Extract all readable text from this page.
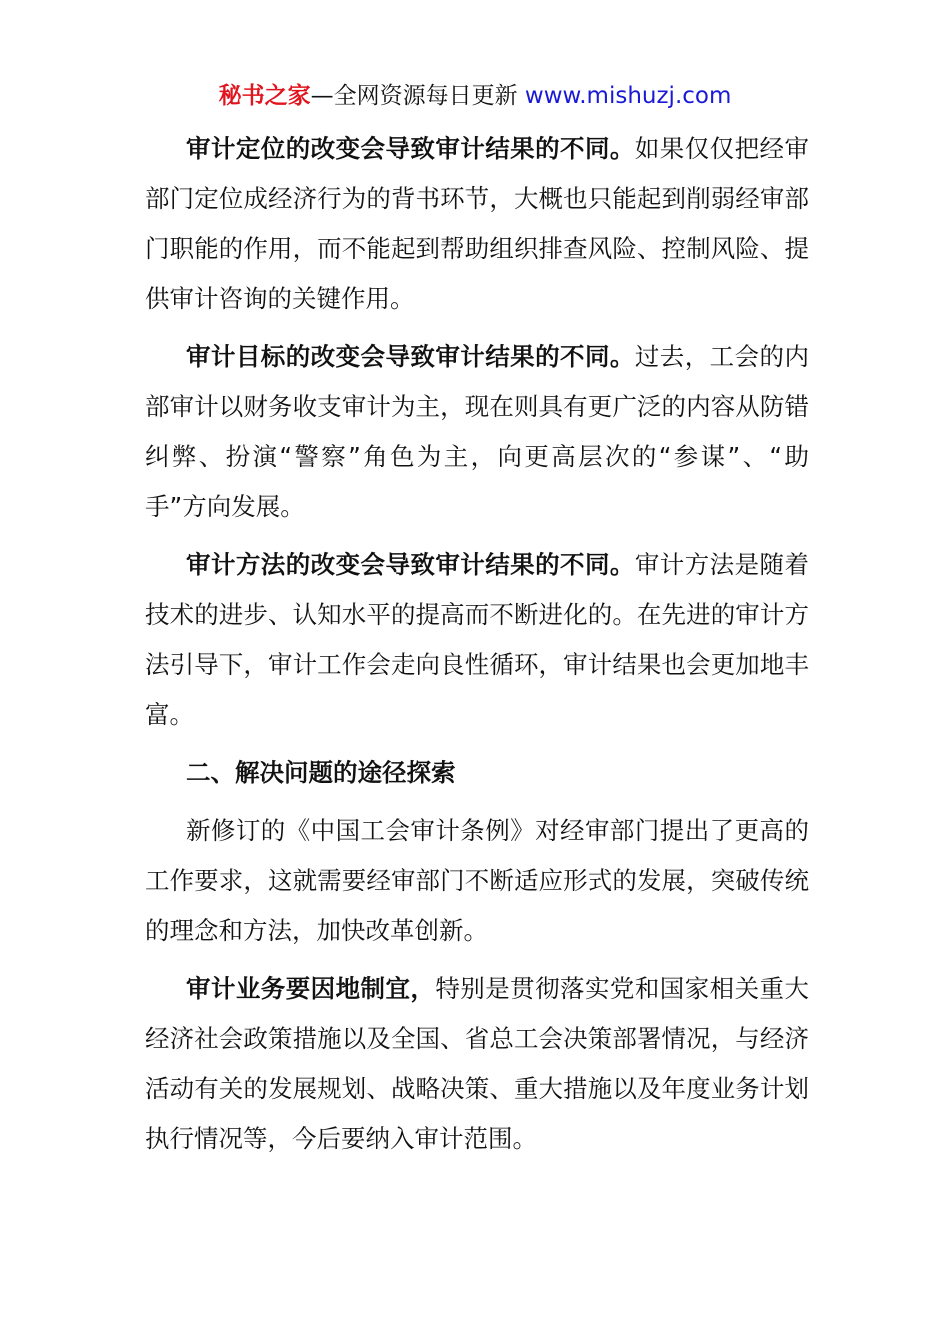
秘书之家—全网资源每日更新 www.mishuzj.com

审计定位的改变会导致审计结果的不同。如果仅仅把经审部门定位成经济行为的背书环节，大概也只能起到削弱经审部门职能的作用，而不能起到帮助组织排查风险、控制风险、提供审计咨询的关键作用。

审计目标的改变会导致审计结果的不同。过去，工会的内部审计以财务收支审计为主，现在则具有更广泛的内容从防错纠弊、扮演“警察”角色为主，向更高层次的“参谋”、“助手”方向发展。

审计方法的改变会导致审计结果的不同。审计方法是随着技术的进步、认知水平的提高而不断进化的。在先进的审计方法引导下，审计工作会走向良性循环，审计结果也会更加地丰富。

二、解决问题的途径探索

新修订的《中国工会审计条例》对经审部门提出了更高的工作要求，这就需要经审部门不断适应形式的发展，突破传统的理念和方法，加快改革创新。

审计业务要因地制宜，特别是贯彻落实党和国家相关重大经济社会政策措施以及全国、省总工会决策部署情况，与经济活动有关的发展规划、战略决策、重大措施以及年度业务计划执行情况等，今后要纳入审计范围。
